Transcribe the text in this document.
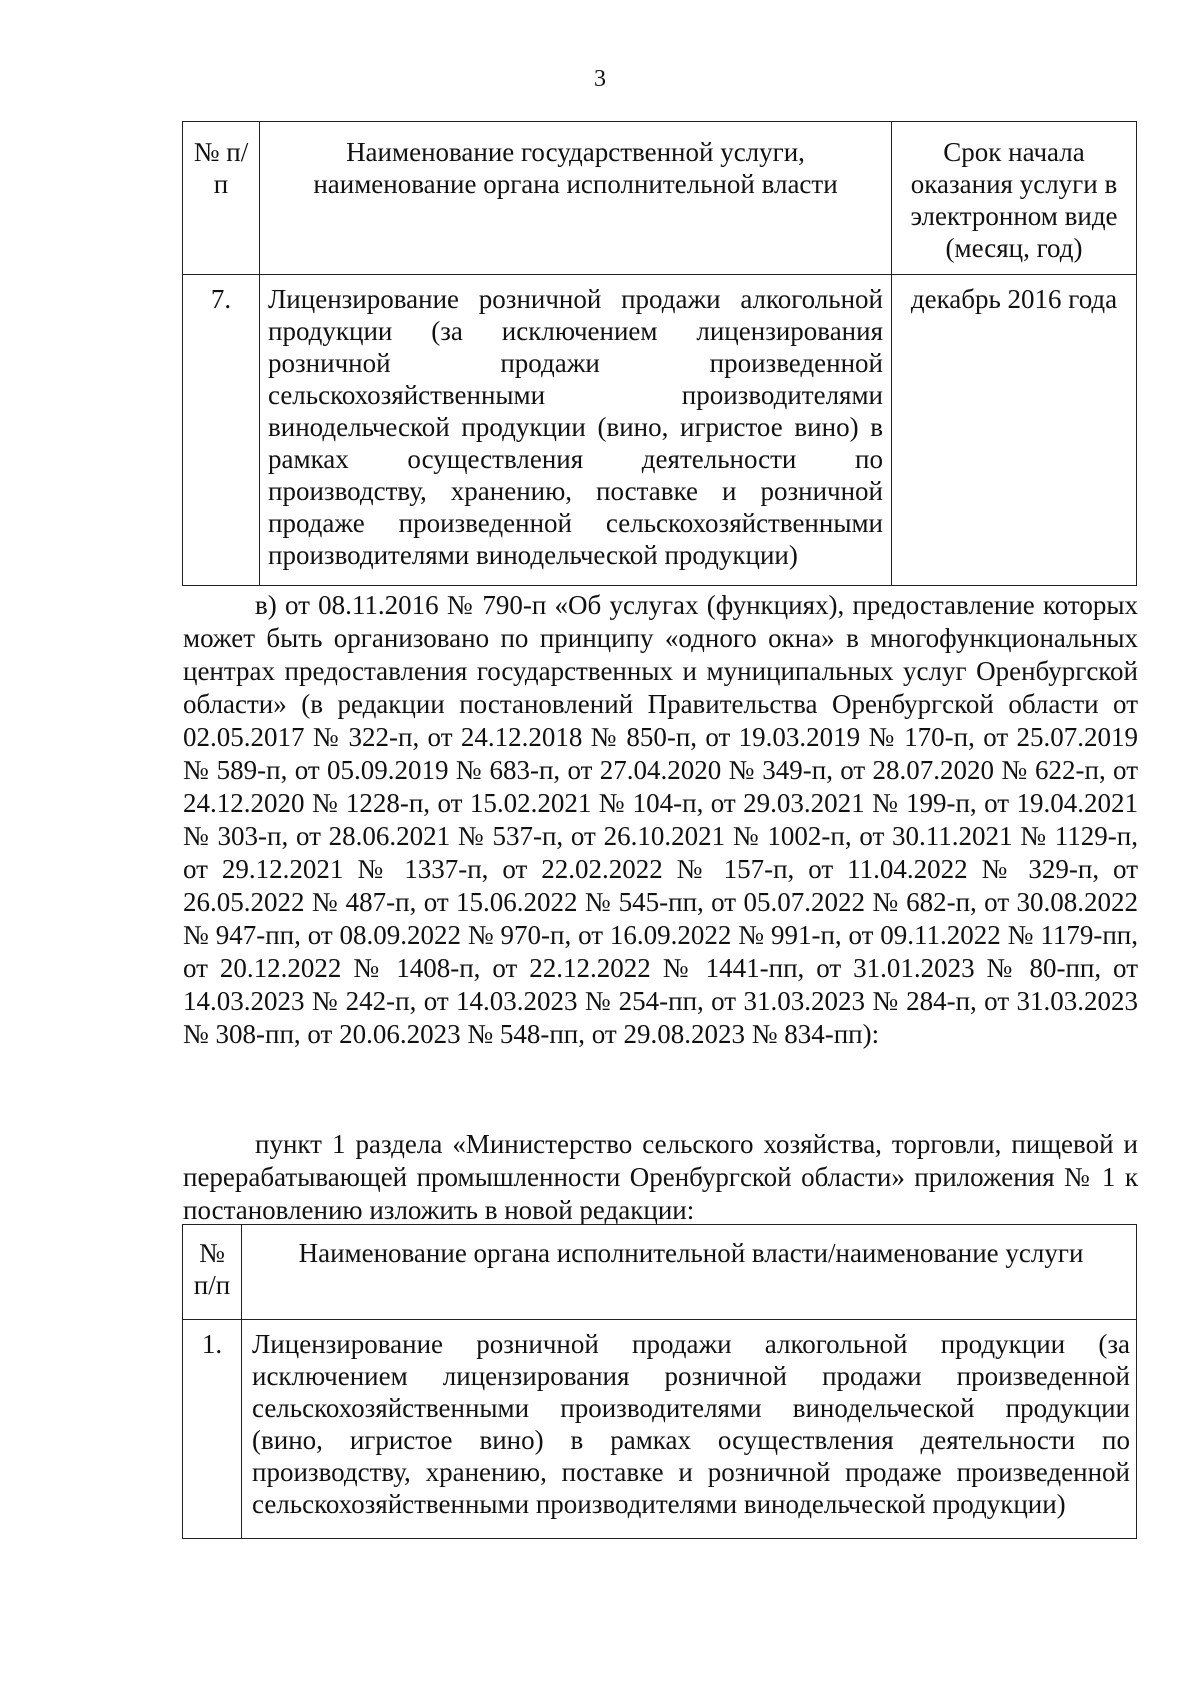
3
№ п/п	Наименование государственной услуги, наименование органа исполнительной власти	Срок начала оказания услуги в электронном виде (месяц, год)
7.	Лицензирование розничной продажи алкогольной продукции (за исключением лицензирования розничной продажи произведенной сельскохозяйственными производителями винодельческой продукции (вино, игристое вино) в рамках осуществления деятельности по производству, хранению, поставке и розничной продаже произведенной сельскохозяйственными производителями винодельческой продукции)	декабрь 2016 года
в) от 08.11.2016 № 790-п «Об услугах (функциях), предоставление которых может быть организовано по принципу «одного окна» в многофункциональных центрах предоставления государственных и муниципальных услуг Оренбургской области» (в редакции постановлений Правительства Оренбургской области от 02.05.2017 № 322-п, от 24.12.2018 № 850-п, от 19.03.2019 № 170-п, от 25.07.2019 № 589-п, от 05.09.2019 № 683-п, от 27.04.2020 № 349-п, от 28.07.2020 № 622-п, от 24.12.2020 № 1228-п, от 15.02.2021 № 104-п, от 29.03.2021 № 199-п, от 19.04.2021 № 303-п, от 28.06.2021 № 537-п, от 26.10.2021 № 1002-п, от 30.11.2021 № 1129-п, от 29.12.2021 № 1337-п, от 22.02.2022 № 157-п, от 11.04.2022 № 329-п, от 26.05.2022 № 487-п, от 15.06.2022 № 545-пп, от 05.07.2022 № 682-п, от 30.08.2022 № 947-пп, от 08.09.2022 № 970-п, от 16.09.2022 № 991-п, от 09.11.2022 № 1179-пп, от 20.12.2022 № 1408-п, от 22.12.2022 № 1441-пп, от 31.01.2023 № 80-пп, от 14.03.2023 № 242-п, от 14.03.2023 № 254-пп, от 31.03.2023 № 284-п, от 31.03.2023 № 308-пп, от 20.06.2023 № 548-пп, от 29.08.2023 № 834-пп):
пункт 1 раздела «Министерство сельского хозяйства, торговли, пищевой и перерабатывающей промышленности Оренбургской области» приложения № 1 к постановлению изложить в новой редакции:
№ п/п	Наименование органа исполнительной власти/наименование услуги
1.	Лицензирование розничной продажи алкогольной продукции (за исключением лицензирования розничной продажи произведенной сельскохозяйственными производителями винодельческой продукции (вино, игристое вино) в рамках осуществления деятельности по производству, хранению, поставке и розничной продаже произведенной сельскохозяйственными производителями винодельческой продукции)
